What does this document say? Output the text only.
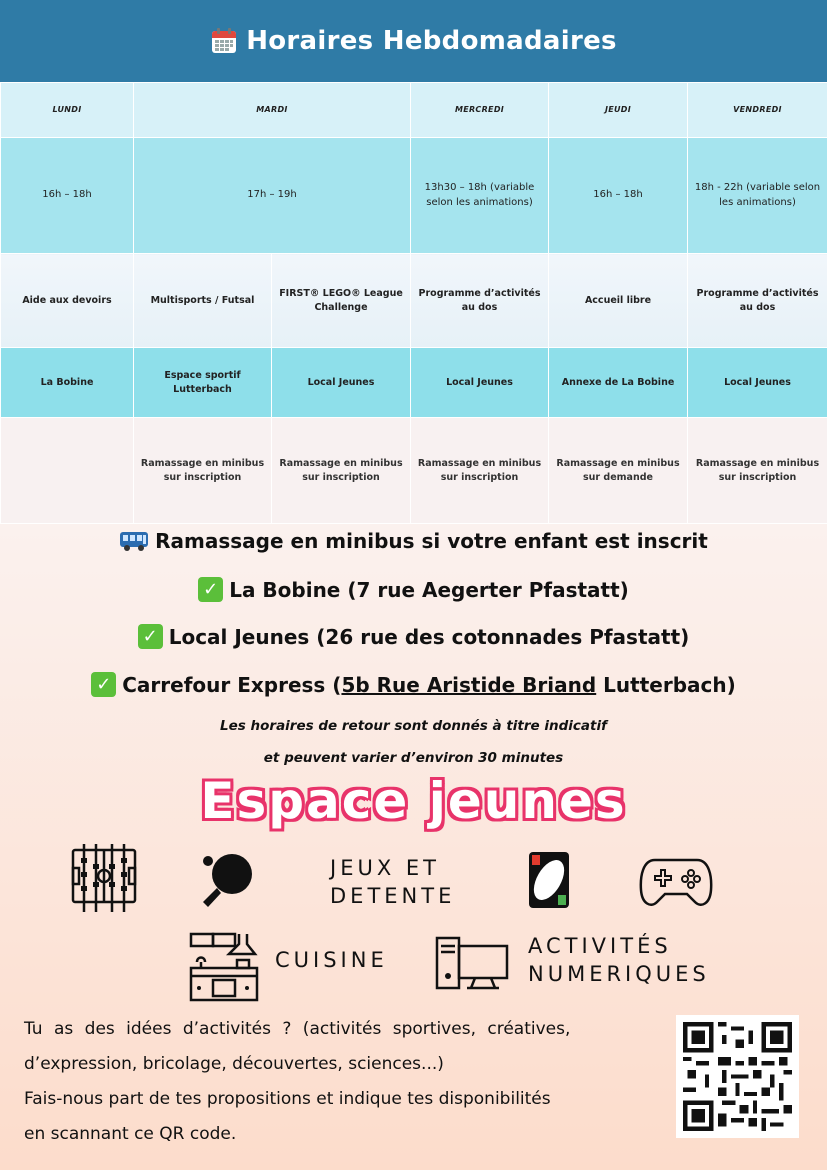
Horaires Hebdomadaires
LUNDI	MARDI		MERCREDI	JEUDI	VENDREDI
16h – 18h	17h – 19h		13h30 – 18h (variable selon les animations)	16h – 18h	18h - 22h (variable selon les animations)
Aide aux devoirs	Multisports / Futsal	FIRST® LEGO® League Challenge	Programme d’activités au dos	Accueil libre	Programme d’activités au dos
La Bobine	Espace sportif Lutterbach	Local Jeunes	Local Jeunes	Annexe de La Bobine	Local Jeunes
	Ramassage en minibus sur inscription	Ramassage en minibus sur inscription	Ramassage en minibus sur inscription	Ramassage en minibus sur demande	Ramassage en minibus sur inscription
Ramassage en minibus si votre enfant est inscrit
✓ La Bobine (7 rue Aegerter Pfastatt)
✓ Local Jeunes (26 rue des cotonnades Pfastatt)
✓ Carrefour Express (5b Rue Aristide Briand Lutterbach)
Les horaires de retour sont donnés à titre indicatif
et peuvent varier d’environ 30 minutes
Espace jeunes
JEUX ET
DETENTE
CUISINE
ACTIVITÉS
NUMERIQUES

Tu as des idées d’activités ? (activités sportives, créatives,

d’expression, bricolage, découvertes, sciences...)

Fais-nous part de tes propositions et indique tes disponibilités

en scannant ce QR code.
